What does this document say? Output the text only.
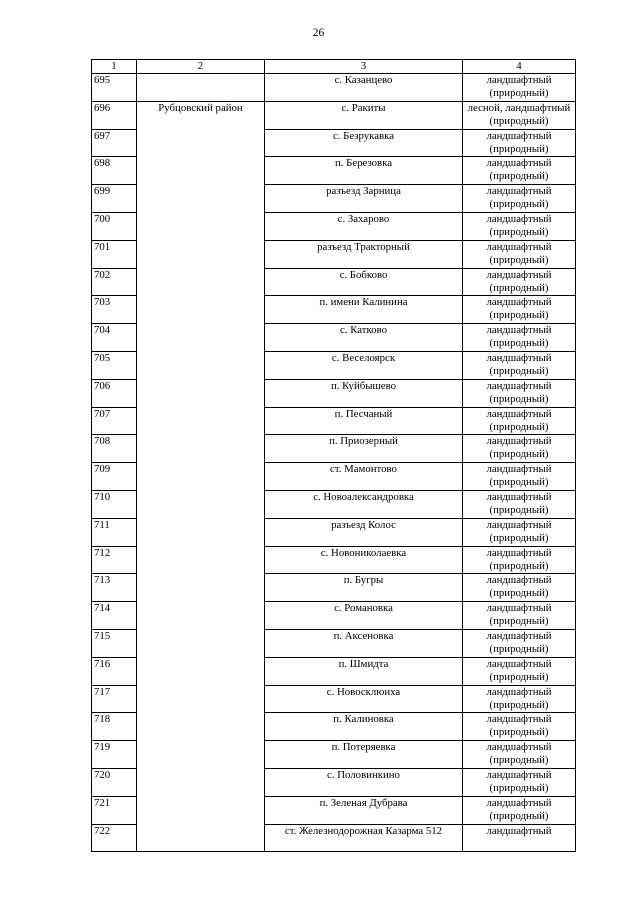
26
1	2	3	4
695		с. Казанцево	ландшафтный
(природный)
696	Рубцовский район	с. Ракиты	лесной, ландшафтный
(природный)
697		с. Безрукавка	ландшафтный
(природный)
698		п. Березовка	ландшафтный
(природный)
699		разъезд Зарница	ландшафтный
(природный)
700		с. Захарово	ландшафтный
(природный)
701		разъезд Тракторный	ландшафтный
(природный)
702		с. Бобково	ландшафтный
(природный)
703		п. имени Калинина	ландшафтный
(природный)
704		с. Катково	ландшафтный
(природный)
705		с. Веселоярск	ландшафтный
(природный)
706		п. Куйбышево	ландшафтный
(природный)
707		п. Песчаный	ландшафтный
(природный)
708		п. Приозерный	ландшафтный
(природный)
709		ст. Мамонтово	ландшафтный
(природный)
710		с. Новоалександровка	ландшафтный
(природный)
711		разъезд Колос	ландшафтный
(природный)
712		с. Новониколаевка	ландшафтный
(природный)
713		п. Бугры	ландшафтный
(природный)
714		с. Романовка	ландшафтный
(природный)
715		п. Аксеновка	ландшафтный
(природный)
716		п. Шмидта	ландшафтный
(природный)
717		с. Новосклюиха	ландшафтный
(природный)
718		п. Калиновка	ландшафтный
(природный)
719		п. Потеряевка	ландшафтный
(природный)
720		с. Половинкино	ландшафтный
(природный)
721		п. Зеленая Дубрава	ландшафтный
(природный)
722		ст. Железнодорожная Казарма 512	ландшафтный
